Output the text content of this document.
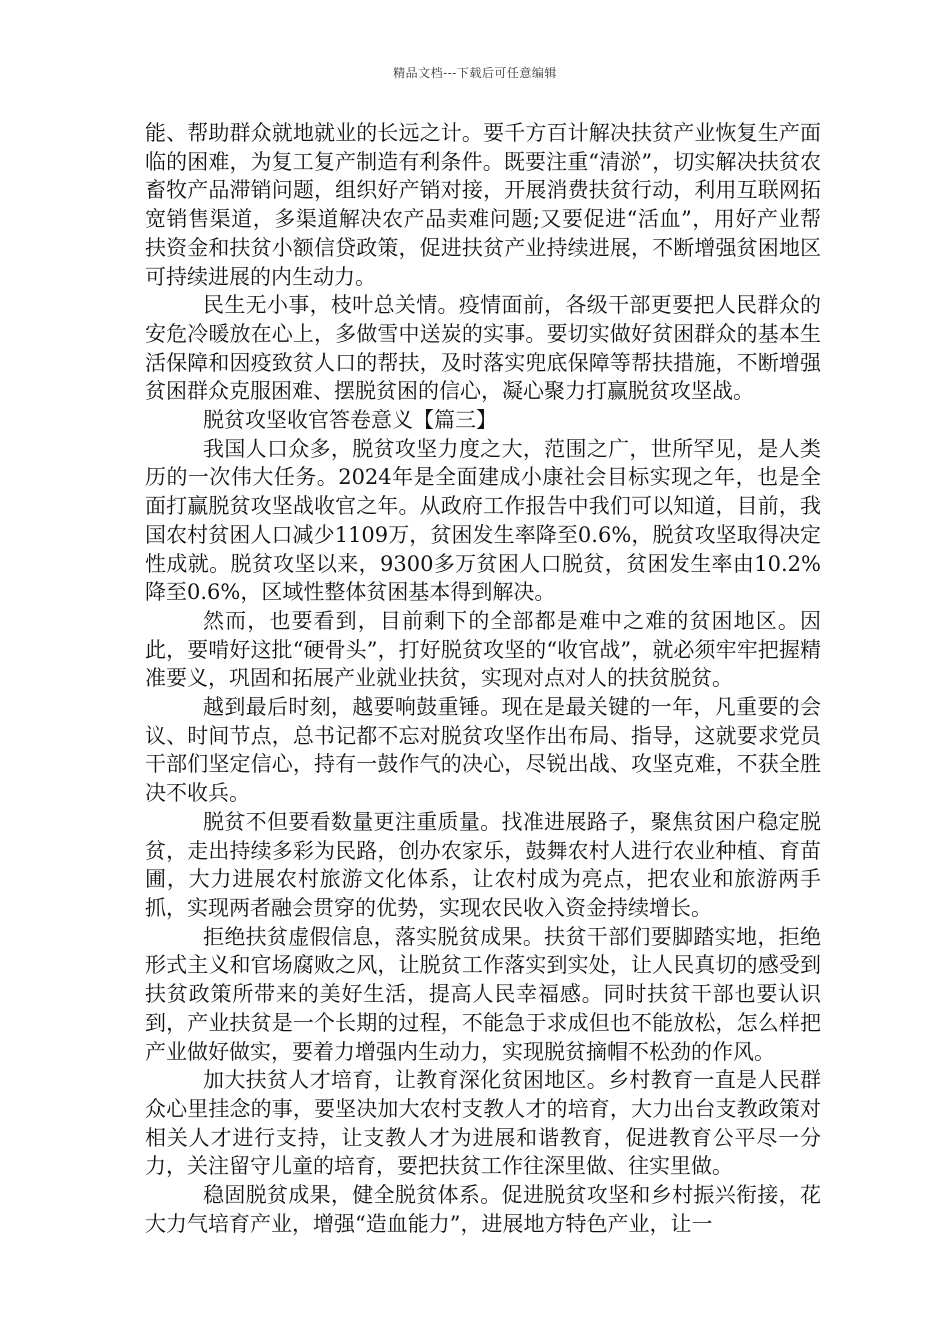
精品文档---下载后可任意编辑

能、帮助群众就地就业的长远之计。要千方百计解决扶贫产业恢复生产面临的困难，为复工复产制造有利条件。既要注重“清淤”，切实解决扶贫农畜牧产品滞销问题，组织好产销对接，开展消费扶贫行动，利用互联网拓宽销售渠道，多渠道解决农产品卖难问题;又要促进“活血”，用好产业帮扶资金和扶贫小额信贷政策，促进扶贫产业持续进展，不断增强贫困地区可持续进展的内生动力。

民生无小事，枝叶总关情。疫情面前，各级干部更要把人民群众的安危冷暖放在心上，多做雪中送炭的实事。要切实做好贫困群众的基本生活保障和因疫致贫人口的帮扶，及时落实兜底保障等帮扶措施，不断增强贫困群众克服困难、摆脱贫困的信心，凝心聚力打赢脱贫攻坚战。

脱贫攻坚收官答卷意义【篇三】

我国人口众多，脱贫攻坚力度之大，范围之广，世所罕见，是人类历的一次伟大任务。2024年是全面建成小康社会目标实现之年，也是全面打赢脱贫攻坚战收官之年。从政府工作报告中我们可以知道，目前，我国农村贫困人口减少1109万，贫困发生率降至0.6%，脱贫攻坚取得决定性成就。脱贫攻坚以来，9300多万贫困人口脱贫，贫困发生率由10.2%降至0.6%，区域性整体贫困基本得到解决。

然而，也要看到，目前剩下的全部都是难中之难的贫困地区。因此，要啃好这批“硬骨头”，打好脱贫攻坚的“收官战”，就必须牢牢把握精准要义，巩固和拓展产业就业扶贫，实现对点对人的扶贫脱贫。

越到最后时刻，越要响鼓重锤。现在是最关键的一年，凡重要的会议、时间节点，总书记都不忘对脱贫攻坚作出布局、指导，这就要求党员干部们坚定信心，持有一鼓作气的决心，尽锐出战、攻坚克难，不获全胜决不收兵。

脱贫不但要看数量更注重质量。找准进展路子，聚焦贫困户稳定脱贫，走出持续多彩为民路，创办农家乐，鼓舞农村人进行农业种植、育苗圃，大力进展农村旅游文化体系，让农村成为亮点，把农业和旅游两手抓，实现两者融会贯穿的优势，实现农民收入资金持续增长。

拒绝扶贫虚假信息，落实脱贫成果。扶贫干部们要脚踏实地，拒绝形式主义和官场腐败之风，让脱贫工作落实到实处，让人民真切的感受到扶贫政策所带来的美好生活，提高人民幸福感。同时扶贫干部也要认识到，产业扶贫是一个长期的过程，不能急于求成但也不能放松，怎么样把产业做好做实，要着力增强内生动力，实现脱贫摘帽不松劲的作风。

加大扶贫人才培育，让教育深化贫困地区。乡村教育一直是人民群众心里挂念的事，要坚决加大农村支教人才的培育，大力出台支教政策对相关人才进行支持，让支教人才为进展和谐教育，促进教育公平尽一分力，关注留守儿童的培育，要把扶贫工作往深里做、往实里做。

稳固脱贫成果，健全脱贫体系。促进脱贫攻坚和乡村振兴衔接，花大力气培育产业，增强“造血能力”，进展地方特色产业，让一
